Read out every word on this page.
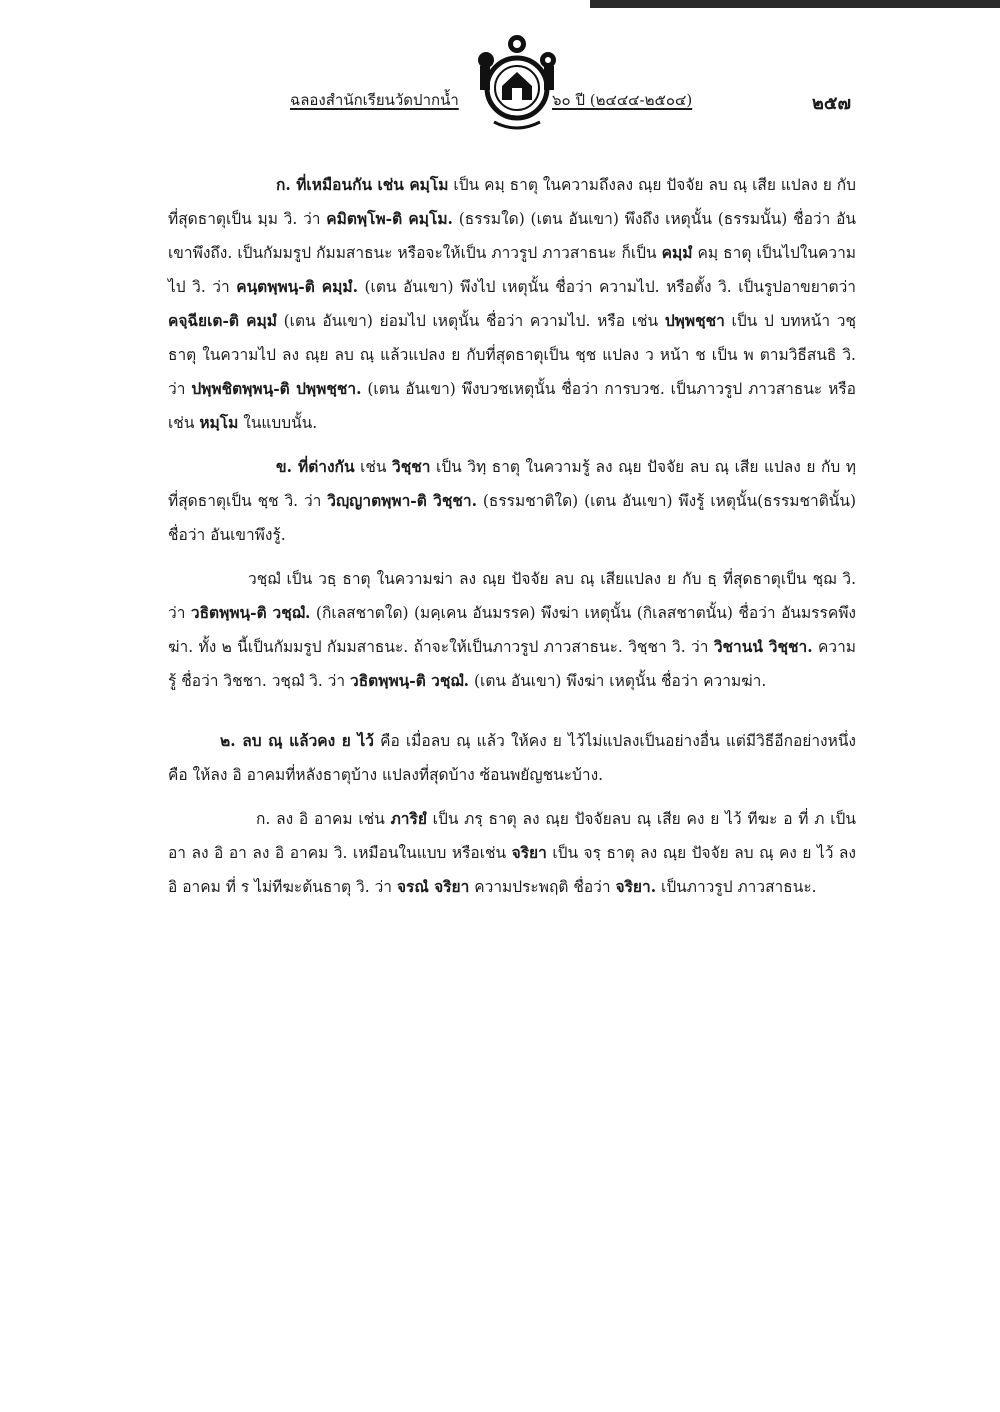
ฉลองสำนักเรียนวัดปากน้ำ	๖๐ ปี (๒๔๔๔-๒๕๐๔)	๒๕๗

ก. ที่เหมือนกัน เช่น คมฺโม เป็น คมฺ ธาตุ ในความถึงลง ณฺย ปัจจัย ลบ ณฺ เสีย แปลง ย กับที่สุดธาตุเป็น มฺม วิ. ว่า คมิตพฺโพ-ติ คมฺโม. (ธรรมใด) (เตน อันเขา) พึงถึง เหตุนั้น (ธรรมนั้น) ชื่อว่า อันเขาพึงถึง. เป็นกัมมรูป กัมมสาธนะ หรือจะให้เป็น ภาวรูป ภาวสาธนะ ก็เป็น คมฺมํ คมฺ ธาตุ เป็นไปในความไป วิ. ว่า คนฺตพฺพนฺ-ติ คมฺมํ. (เตน อันเขา) พึงไป เหตุนั้น ชื่อว่า ความไป. หรือตั้ง วิ. เป็นรูปอาขยาตว่า คจฺฉียเต-ติ คมฺมํ (เตน อันเขา) ย่อมไป เหตุนั้น ชื่อว่า ความไป. หรือ เช่น ปพฺพชฺชา เป็น ป บทหน้า วชฺ ธาตุ ในความไป ลง ณฺย ลบ ณฺ แล้วแปลง ย กับที่สุดธาตุเป็น ชฺช แปลง ว หน้า ช เป็น พ ตามวิธีสนธิ วิ. ว่า ปพฺพชิตพฺพนฺ-ติ ปพฺพชฺชา. (เตน อันเขา) พึงบวชเหตุนั้น ชื่อว่า การบวช. เป็นภาวรูป ภาวสาธนะ หรือเช่น หมฺโม ในแบบนั้น.

ข. ที่ต่างกัน เช่น วิชฺชา เป็น วิทฺ ธาตุ ในความรู้ ลง ณฺย ปัจจัย ลบ ณฺ เสีย แปลง ย กับ ทฺ ที่สุดธาตุเป็น ชฺช วิ. ว่า วิญฺญาตพฺพา-ติ วิชฺชา. (ธรรมชาติใด) (เตน อันเขา) พึงรู้ เหตุนั้น(ธรรมชาตินั้น) ชื่อว่า อันเขาพึงรู้.

วชฺฌํ เป็น วธฺ ธาตุ ในความฆ่า ลง ณฺย ปัจจัย ลบ ณฺ เสียแปลง ย กับ ธฺ ที่สุดธาตุเป็น ชฺฌ วิ. ว่า วธิตพฺพนฺ-ติ วชฺฌํ. (กิเลสชาตใด) (มคฺเคน อันมรรค) พึงฆ่า เหตุนั้น (กิเลสชาตนั้น) ชื่อว่า อันมรรคพึงฆ่า. ทั้ง ๒ นี้เป็นกัมมรูป กัมมสาธนะ. ถ้าจะให้เป็นภาวรูป ภาวสาธนะ. วิชฺชา วิ. ว่า วิชานนํ วิชฺชา. ความรู้ ชื่อว่า วิชชา. วชฺฌํ วิ. ว่า วธิตพฺพนฺ-ติ วชฺฌํ. (เตน อันเขา) พึงฆ่า เหตุนั้น ชื่อว่า ความฆ่า.

๒. ลบ ณฺ แล้วคง ย ไว้ คือ เมื่อลบ ณฺ แล้ว ให้คง ย ไว้ไม่แปลงเป็นอย่างอื่น แต่มีวิธีอีกอย่างหนึ่ง คือ ให้ลง อิ อาคมที่หลังธาตุบ้าง แปลงที่สุดบ้าง ซ้อนพยัญชนะบ้าง.

ก. ลง อิ อาคม เช่น ภาริยํ เป็น ภรฺ ธาตุ ลง ณฺย ปัจจัยลบ ณฺ เสีย คง ย ไว้ ทีฆะ อ ที่ ภ เป็น อา ลง อิ อา ลง อิ อาคม วิ. เหมือนในแบบ หรือเช่น จริยา เป็น จรฺ ธาตุ ลง ณฺย ปัจจัย ลบ ณฺ คง ย ไว้ ลง อิ อาคม ที่ ร ไม่ทีฆะต้นธาตุ วิ. ว่า จรณํ จริยา ความประพฤติ ชื่อว่า จริยา. เป็นภาวรูป ภาวสาธนะ.
